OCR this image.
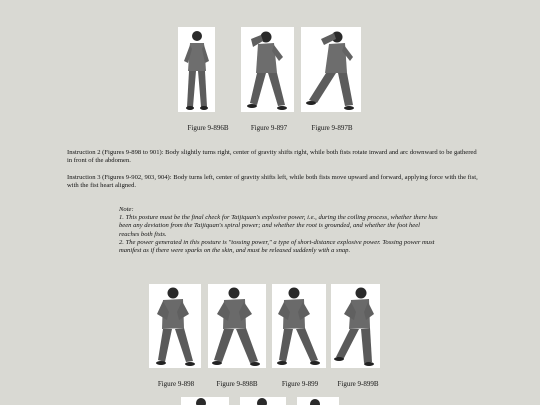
Figure 9-896B	Figure 9-897	Figure 9-897B

Instruction 2 (Figures 9-898 to 901): Body slightly turns right, center of gravity shifts right, while both fists rotate inward and arc downward to be gathered in front of the abdomen.

Instruction 3 (Figures 9-902, 903, 904): Body turns left, center of gravity shifts left, while both fists move upward and forward, applying force with the fist, with the fist heart aligned.

Note:
1. This posture must be the final check for Taijiquan's explosive power, i.e., during the coiling process, whether there has been any deviation from the Taijiquan's spiral power; and whether the root is grounded, and whether the foot heel reaches both fists.
2. The power generated in this posture is "tossing power," a type of short-distance explosive power. Tossing power must manifest as if there were sparks on the skin, and must be released suddenly with a snap.
Figure 9-898	Figure 9-898B	Figure 9-899	Figure 9-899B
